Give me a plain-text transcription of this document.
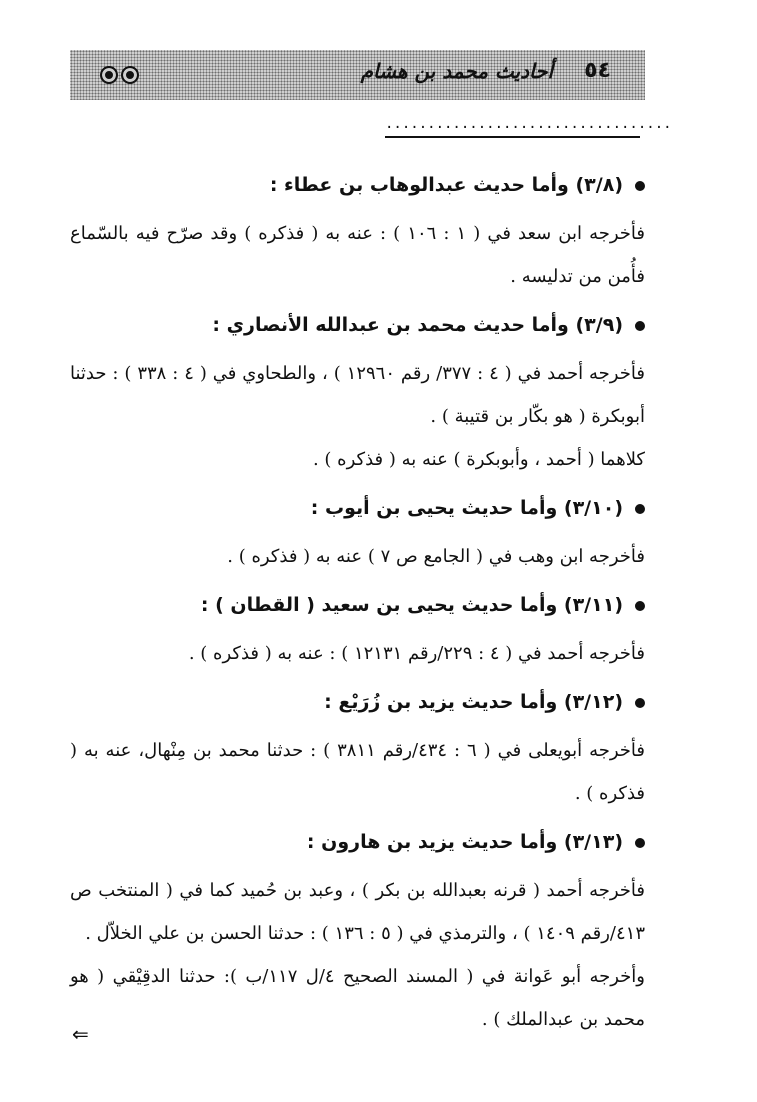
٥٤
أحاديث محمد بن هشام
..................................
(٣/٨) وأما حديث عبدالوهاب بن عطاء :

فأخرجه ابن سعد في ( ١ : ١٠٦ ) : عنه به ( فذكره ) وقد صرّح فيه بالسّماع فأُمن من تدليسه .

(٣/٩) وأما حديث محمد بن عبدالله الأنصاري :

فأخرجه أحمد في ( ٤ : ٣٧٧/ رقم ١٢٩٦٠ ) ، والطحاوي في ( ٤ : ٣٣٨ ) : حدثنا أبوبكرة ( هو بكّار بن قتيبة ) .

كلاهما ( أحمد ، وأبوبكرة ) عنه به ( فذكره ) .

(٣/١٠) وأما حديث يحيى بن أيوب :

فأخرجه ابن وهب في ( الجامع ص ٧ ) عنه به ( فذكره ) .

(٣/١١) وأما حديث يحيى بن سعيد ( القطان ) :

فأخرجه أحمد في ( ٤ : ٢٢٩/رقم ١٢١٣١ ) : عنه به ( فذكره ) .

(٣/١٢) وأما حديث يزيد بن زُرَيْع :

فأخرجه أبويعلى في ( ٦ : ٤٣٤/رقم ٣٨١١ ) : حدثنا محمد بن مِنْهال، عنه به ( فذكره ) .

(٣/١٣) وأما حديث يزيد بن هارون :

فأخرجه أحمد ( قرنه بعبدالله بن بكر ) ، وعبد بن حُميد كما في ( المنتخب ص ٤١٣/رقم ١٤٠٩ ) ، والترمذي في ( ٥ : ١٣٦ ) : حدثنا الحسن بن علي الخلاّل .

وأخرجه أبو عَوانة في ( المسند الصحيح ٤/ل ١١٧/ب ): حدثنا الدقِيْقي ( هو محمد بن عبدالملك ) .

⇐
